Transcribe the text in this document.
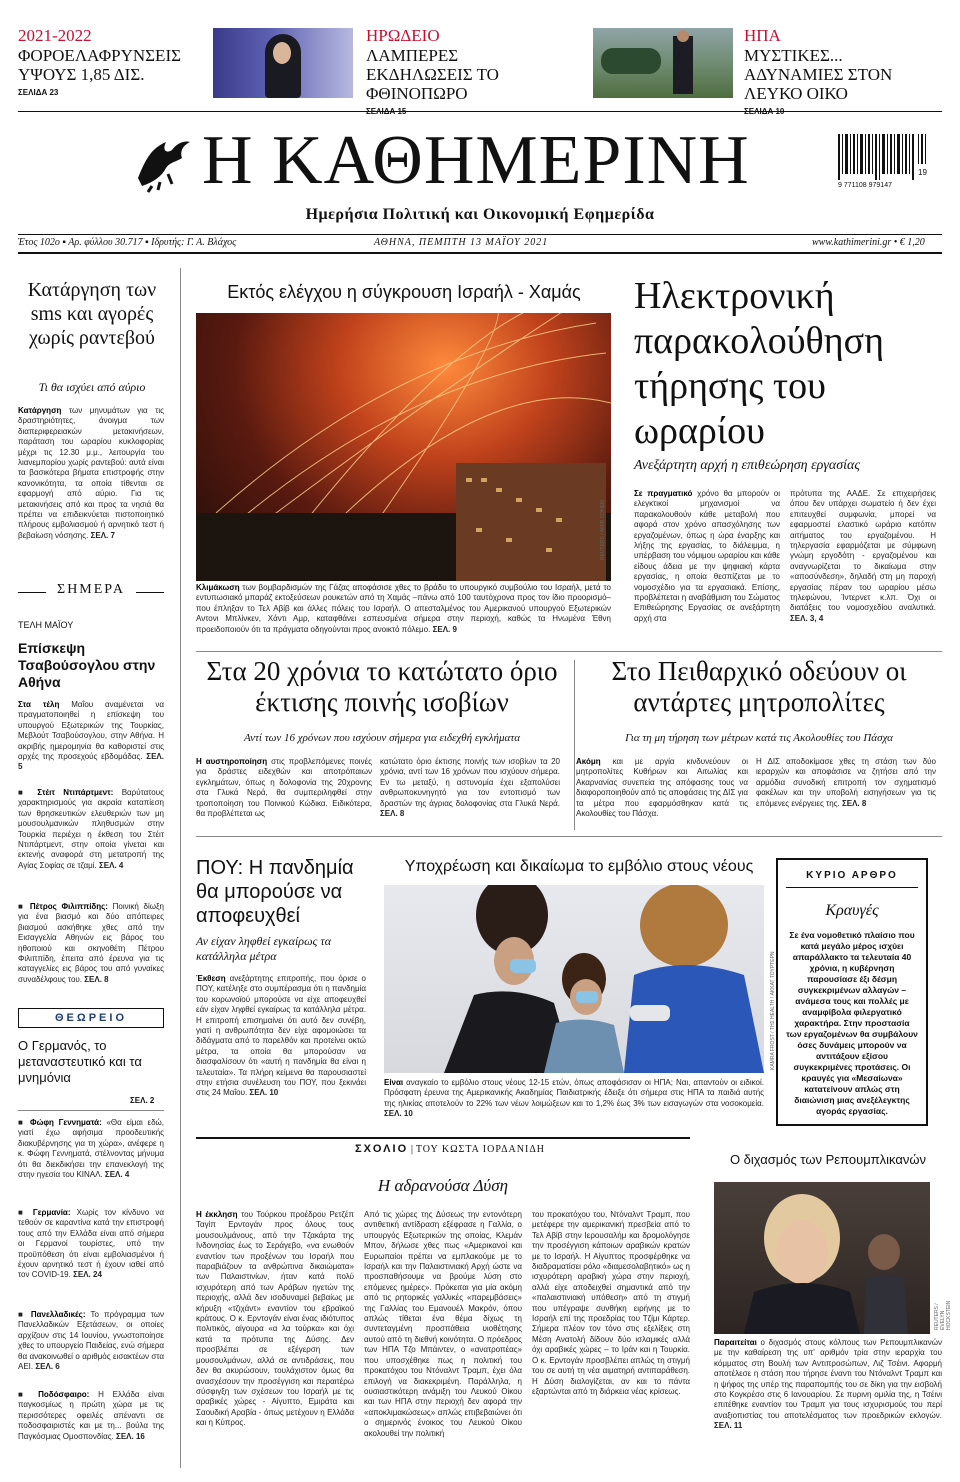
2021-2022
ΦΟΡΟΕΛΑΦΡΥΝΣΕΙΣ ΥΨΟΥΣ 1,85 ΔΙΣ.
ΣΕΛΙΔΑ 23
ΗΡΩΔΕΙΟ
ΛΑΜΠΕΡΕΣ ΕΚΔΗΛΩΣΕΙΣ ΤΟ ΦΘΙΝΟΠΩΡΟ
ΗΠΑ
ΜΥΣΤΙΚΕΣ... ΑΔΥΝΑΜΙΕΣ ΣΤΟΝ ΛΕΥΚΟ ΟΙΚΟ
Η ΚΑΘΗΜΕΡΙΝΗ	9 771108 979147
19
Ημερήσια Πολιτική και Οικονομική Εφημερίδα
Έτος 102ο ▪ Αρ. φύλλου 30.717 ▪ Ιδρυτής: Γ. Α. Βλάχος	ΑΘΗΝΑ, ΠΕΜΠΤΗ 13 ΜΑΪΟΥ 2021	www.kathimerini.gr • € 1,20
Κατάργηση των sms και αγορές χωρίς ραντεβού
Τι θα ισχύει από αύριο
Κατάργηση των μηνυμάτων για τις δραστηριότητες, άνοιγμα των διαπεριφερειακών μετακινήσεων, παράταση του ωραρίου κυκλοφορίας μέχρι τις 12.30 μ.μ., λειτουργία του λιανεμπορίου χωρίς ραντεβού: αυτά είναι τα βασικότερα βήματα επιστροφής στην κανονικότητα, τα οποία τίθενται σε εφαρμογή από αύριο. Για τις μετακινήσεις από και προς τα νησιά θα πρέπει να επιδεικνύεται πιστοποιητικό πλήρους εμβολιασμού ή αρνητικό τεστ ή βεβαίωση νόσησης. ΣΕΛ. 7
ΣΗΜΕΡΑ
ΤΕΛΗ ΜΑΪΟΥ
Επίσκεψη Τσαβούσογλου στην Αθήνα
Στα τέλη Μαΐου αναμένεται να πραγματοποιηθεί η επίσκεψη του υπουργού Εξωτερικών της Τουρκίας, Μεβλούτ Τσαβούσογλου, στην Αθήνα. Η ακριβής ημερομηνία θα καθοριστεί στις αρχές της προσεχούς εβδομάδας. ΣΕΛ. 5
■ Στέιτ Ντιπάρτμεντ: Βαρύτατους χαρακτηρισμούς για ακραία καταπίεση των θρησκευτικών ελευθεριών των μη μουσουλμανικών πληθυσμών στην Τουρκία περιέχει η έκθεση του Στέιτ Ντιπάρτμεντ, στην οποία γίνεται και εκτενής αναφορά στη μετατροπή της Αγίας Σοφίας σε τζαμί. ΣΕΛ. 4
■ Πέτρος Φιλιππίδης: Ποινική δίωξη για ένα βιασμό και δύο απόπειρες βιασμού ασκήθηκε χθες από την Εισαγγελία Αθηνών εις βάρος του ηθοποιού και σκηνοθέτη Πέτρου Φιλιππίδη, έπειτα από έρευνα για τις καταγγελίες εις βάρος του από γυναίκες συναδέλφους του. ΣΕΛ. 8
ΘΕΩΡΕΙΟ
Ο Γερμανός, το μεταναστευτικό και τα μνημόνια
ΣΕΛ. 2
■ Φώφη Γεννηματά: «Θα είμαι εδώ, γιατί έχω αφήσιμα προοδευτικής διακυβέρνησης για τη χώρα», ανέφερε η κ. Φώφη Γεννηματά, στέλνοντας μήνυμα ότι θα διεκδικήσει την επανεκλογή της στην ηγεσία του ΚΙΝΑΛ. ΣΕΛ. 4
■ Γερμανία: Χωρίς τον κίνδυνο να τεθούν σε καραντίνα κατά την επιστροφή τους από την Ελλάδα είναι από σήμερα οι Γερμανοί τουρίστες, υπό την προϋπόθεση ότι είναι εμβολιασμένοι ή έχουν αρνητικό τεστ ή έχουν ιαθεί από τον COVID-19. ΣΕΛ. 24
■ Πανελλαδικές: Το πρόγραμμα των Πανελλαδικών Εξετάσεων, οι οποίες αρχίζουν στις 14 Ιουνίου, γνωστοποίησε χθες το υπουργείο Παιδείας, ενώ σήμερα θα ανακοινωθεί ο αριθμός εισακτέων στα ΑΕΙ. ΣΕΛ. 6
■ Ποδόσφαιρο: Η Ελλάδα είναι παγκοσμίως η πρώτη χώρα με τις περισσότερες οφειλές απέναντι σε ποδοσφαιριστές και με τη... βούλα της Παγκόσμιας Ομοσπονδίας. ΣΕΛ. 16
Εκτός ελέγχου η σύγκρουση Ισραήλ - Χαμάς
REUTERS / AMIR COHEN
Κλιμάκωση των βομβαρδισμών της Γάζας αποφάσισε χθες το βράδυ το υπουργικό συμβούλιο του Ισραήλ, μετά το εντυπωσιακό μπαράζ εκτοξεύσεων ρουκετών από τη Χαμάς –πάνω από 100 ταυτόχρονα προς τον ίδιο προορισμό– που έπληξαν το Τελ Αβίβ και άλλες πόλεις του Ισραήλ. Ο απεσταλμένος του Αμερικανού υπουργού Εξωτερικών Αντονι Μπλίνκεν, Χάντι Αμρ, καταφθάνει εσπευσμένα σήμερα στην περιοχή, καθώς τα Ηνωμένα Έθνη προειδοποιούν ότι τα πράγματα οδηγούνται προς ανοικτό πόλεμο. ΣΕΛ. 9
Ηλεκτρονική παρακολούθηση τήρησης του ωραρίου
Ανεξάρτητη αρχή η επιθεώρηση εργασίας
Σε πραγματικό χρόνο θα μπορούν οι ελεγκτικοί μηχανισμοί να παρακολουθούν κάθε μεταβολή που αφορά στον χρόνο απασχόλησης των εργαζομένων, όπως η ώρα έναρξης και λήξης της εργασίας, το διάλειμμα, η υπέρβαση του νόμιμου ωραρίου και κάθε είδους άδεια με την ψηφιακή κάρτα εργασίας, η οποία θεσπίζεται με το νομοσχέδιο για τα εργασιακά. Επίσης, προβλέπεται η αναβάθμιση του Σώματος Επιθεώρησης Εργασίας σε ανεξάρτητη αρχή στα
πρότυπα της ΑΑΔΕ. Σε επιχειρήσεις όπου δεν υπάρχει σωματείο ή δεν έχει επιτευχθεί συμφωνία, μπορεί να εφαρμοστεί ελαστικό ωράριο κατόπιν αιτήματος του εργαζομένου. Η τηλεργασία εφαρμόζεται με σύμφωνη γνώμη εργοδότη - εργαζομένου και αναγνωρίζεται το δικαίωμα στην «αποσύνδεση», δηλαδή στη μη παροχή εργασίας πέραν του ωραρίου μέσω τηλεφώνου, Ίντερνετ κ.λπ. Όχι οι διατάξεις του νομοσχεδίου αναλυτικά. ΣΕΛ. 3, 4
Στα 20 χρόνια το κατώτατο όριο έκτισης ποινής ισοβίων
Αντί των 16 χρόνων που ισχύουν σήμερα για ειδεχθή εγκλήματα
Η αυστηροποίηση στις προβλεπόμενες ποινές για δράστες ειδεχθών και αποτρόπαιων εγκλημάτων, όπως η δολοφονία της 20χρονης στα Γλυκά Νερά, θα συμπεριληφθεί στην τροποποίηση του Ποινικού Κώδικα. Ειδικότερα, θα προβλέπεται ως
κατώτατο όριο έκτισης ποινής των ισοβίων τα 20 χρόνια, αντί των 16 χρόνων που ισχύουν σήμερα. Εν τω μεταξύ, η αστυνομία έχει εξαπολύσει ανθρωποκυνηγητό για τον εντοπισμό των δραστών της άγριας δολοφονίας στα Γλυκά Νερά. ΣΕΛ. 8
Στο Πειθαρχικό οδεύουν οι αντάρτες μητροπολίτες
Για τη μη τήρηση των μέτρων κατά τις Ακολουθίες του Πάσχα
Ακόμη και με αργία κινδυνεύουν οι μητροπολίτες Κυθήρων και Αιτωλίας και Ακαρνανίας συνεπεία της απόφασης τους να διαφοροποιηθούν από τις αποφάσεις της ΔΙΣ για τα μέτρα που εφαρμόσθηκαν κατά τις Ακολουθίες του Πάσχα.
Η ΔΙΣ αποδοκίμασε χθες τη στάση των δύο ιεραρχών και αποφάσισε να ζητήσει από την αρμόδια συνοδική επιτροπή τον σχηματισμό φακέλων και την υποβολή εισηγήσεων για τις επόμενες ενέργειες της. ΣΕΛ. 8
ΠΟΥ: Η πανδημία θα μπορούσε να αποφευχθεί
Αν είχαν ληφθεί εγκαίρως τα κατάλληλα μέτρα
Έκθεση ανεξάρτητης επιτροπής, που όρισε ο ΠΟΥ, κατέληξε στο συμπέρασμα ότι η πανδημία του κορωνοϊού μπορούσε να είχε αποφευχθεί εάν είχαν ληφθεί εγκαίρως τα κατάλληλα μέτρα. Η επιτροπή επισημαίνει ότι αυτό δεν συνέβη, γιατί η ανθρωπότητα δεν είχε αφομοιώσει τα διδάγματα από το παρελθόν και προτείνει οκτώ μέτρα, τα οποία θα μπορούσαν να διασφαλίσουν ότι «αυτή η πανδημία θα είναι η τελευταία». Τα πλήρη κείμενα θα παρουσιαστεί στην ετήσια συνέλευση του ΠΟΥ, που ξεκινάει στις 24 Μαΐου. ΣΕΛ. 10
Υποχρέωση και δικαίωμα το εμβόλιο στους νέους
KAMRA FROST / ΤΗΣ HEALTH / ΑΚΚΑΤ ΤΟΥΡΤΕΡΝ
Είναι αναγκαίο το εμβόλιο στους νέους 12-15 ετών, όπως αποφάσισαν οι ΗΠΑ; Ναι, απαντούν οι ειδικοί. Πρόσφατη έρευνα της Αμερικανικής Ακαδημίας Παιδιατρικής έδειξε ότι σήμερα στις ΗΠΑ τα παιδιά αυτής της ηλικίας αποτελούν το 22% των νέων λοιμώξεων και το 1,2% έως 3% των εισαγωγών στα νοσοκομεία. ΣΕΛ. 10
ΚΥΡΙΟ ΑΡΘΡΟ
Κραυγές
Σε ένα νομοθετικό πλαίσιο που κατά μεγάλο μέρος ισχύει απαράλλακτο τα τελευταία 40 χρόνια, η κυβέρνηση παρουσίασε έξι δέσμη συγκεκριμένων αλλαγών – ανάμεσα τους και πολλές με αναμφίβολα φιλεργατικό χαρακτήρα. Στην προστασία των εργαζομένων θα συμβάλουν όσες δυνάμεις μπορούν να αντιτάξουν εξίσου συγκεκριμένες προτάσεις. Οι κραυγές για «Μεσαίωνα» κατατείνουν απλώς στη διαιώνιση μιας ανεξέλεγκτης αγοράς εργασίας.
ΣΧΟΛΙΟ | ΤΟΥ ΚΩΣΤΑ ΙΟΡΔΑΝΙΔΗ
Η αδρανούσα Δύση
Η έκκληση του Τούρκου προέδρου Ρετζέπ Ταγίπ Ερντογάν προς όλους τους μουσουλμάνους, από την Τζακάρτα της Ινδονησίας έως το Σεράγεβο, «να ενωθούν εναντίον των προξένων του Ισραήλ που παραβιάζουν τα ανθρώπινα δικαιώματα» των Παλαιστινίων, ήταν κατά πολύ ισχυρότερη από των Αράβων ηγετών της περιοχής, αλλά δεν ισοδυναμεί βεβαίως με κήρυξη «τζιχάντ» εναντίον του εβραϊκού κράτους. Ο κ. Ερντογάν είναι ένας ιδιότυπος πολιτικός, αίγουρα «α λα τούρκα» και όχι κατά τα πρότυπα της Δύσης. Δεν προσβλέπει σε εξέγερση των μουσουλμάνων, αλλά σε αντιδράσεις, που δεν θα ακυρώσουν, τουλάχιστον όμως θα ανασχέσουν την προσέγγιση και περαιτέρω σύσφιγξη των σχέσεων του Ισραήλ με τις αραβικές χώρες - Αίγυπτο, Εμιράτα και Σαουδική Αραβία - όπως μετέχουν η Ελλάδα και η Κύπρος.
Από τις χώρες της Δύσεως την εντονότερη αντιθετική αντίδραση εξέφρασε η Γαλλία, ο υπουργός Εξωτερικών της οποίας, Κλεμάν Μπον, δήλωσε χθες πως «Αμερικανοί και Ευρωπαίοι πρέπει να εμπλακούμε με το Ισραήλ και την Παλαιστινιακή Αρχή ώστε να προσπαθήσουμε να βρούμε λύση στο επόμενες ημέρες». Πρόκειται για μία ακόμη από τις ρητορικές γαλλικές «παρεμβάσεις» της Γαλλίας του Εμανουέλ Μακρόν, όπου απλώς τίθεται ένα θέμα δίχως τη συντεταγμένη προσπάθεια υιοθέτησης αυτού από τη διεθνή κοινότητα. Ο πρόεδρος των ΗΠΑ Τζο Μπάιντεν, ο «ανατροπέας» που υποσχέθηκε πως η πολιτική του προκατόχου του Ντόναλντ Τραμπ, έχει όλα επιλογή να διακεκριμένη. Παράλληλα, η ουσιαστικότερη ανάμιξη του Λευκού Οίκου και των ΗΠΑ στην περιοχή δεν αφορά την «αποκλιμακώσεως» απλώς επιβεβαιώνει ότι ο σημερινός ένοικος του Λευκού Οίκου ακολουθεί την πολιτική
του προκατόχου του, Ντόναλντ Τραμπ, που μετέφερε την αμερικανική πρεσβεία από το Τελ Αβίβ στην Ιερουσαλήμ και δρομολόγησε την προσέγγιση κάποιων αραβικών κρατών με το Ισραήλ. Η Αίγυπτος προσφέρθηκε να διαδραματίσει ρόλο «διαμεσολαβητικό» ως η ισχυρότερη αραβική χώρα στην περιοχή, αλλά είχε αποδειχθεί σημαντικά από την «παλαιστινιακή υπόθεση» από τη στιγμή που υπέγραψε συνθήκη ειρήνης με το Ισραήλ επί της προεδρίας του Τζίμι Κάρτερ. Σήμερα πλέον τον τόνο στις εξελίξεις στη Μέση Ανατολή δίδουν δύο ισλαμικές αλλά όχι αραβικές χώρες – το Ιράν και η Τουρκία. Ο κ. Ερντογάν προσβλέπει απλώς τη στιγμή του σε αυτή τη νέα αιματηρή αντιπαράθεση. Η Δύση διαλογίζεται, αν και το πάντα εξαρτώνται από τη διάρκεια νέας κρίσεως.
Ο διχασμός των Ρεπουμπλικανών
REUTERS / EVELYN HOCKSTEIN
Παραιτείται ο διχασμός στους κόλπους των Ρεπουμπλικανών με την καθαίρεση της υπ' αριθμόν τρία στην ιεραρχία του κόμματος στη Βουλή των Αντιπροσώπων, Λιζ Τσέινι. Αφορμή αποτέλεσε η στάση που τήρησε έναντι του Ντόναλντ Τραμπ και η ψήφος της υπέρ της παραπομπής του σε δίκη για την εισβολή στο Κογκρέσο στις 6 Ιανουαρίου. Σε πυρινη ομιλία της, η Τσέινι επιτέθηκε εναντίον του Τραμπ για τους ισχυρισμούς του περί αναξιοπιστίας του αποτελέσματος των προεδρικών εκλογών. ΣΕΛ. 11
